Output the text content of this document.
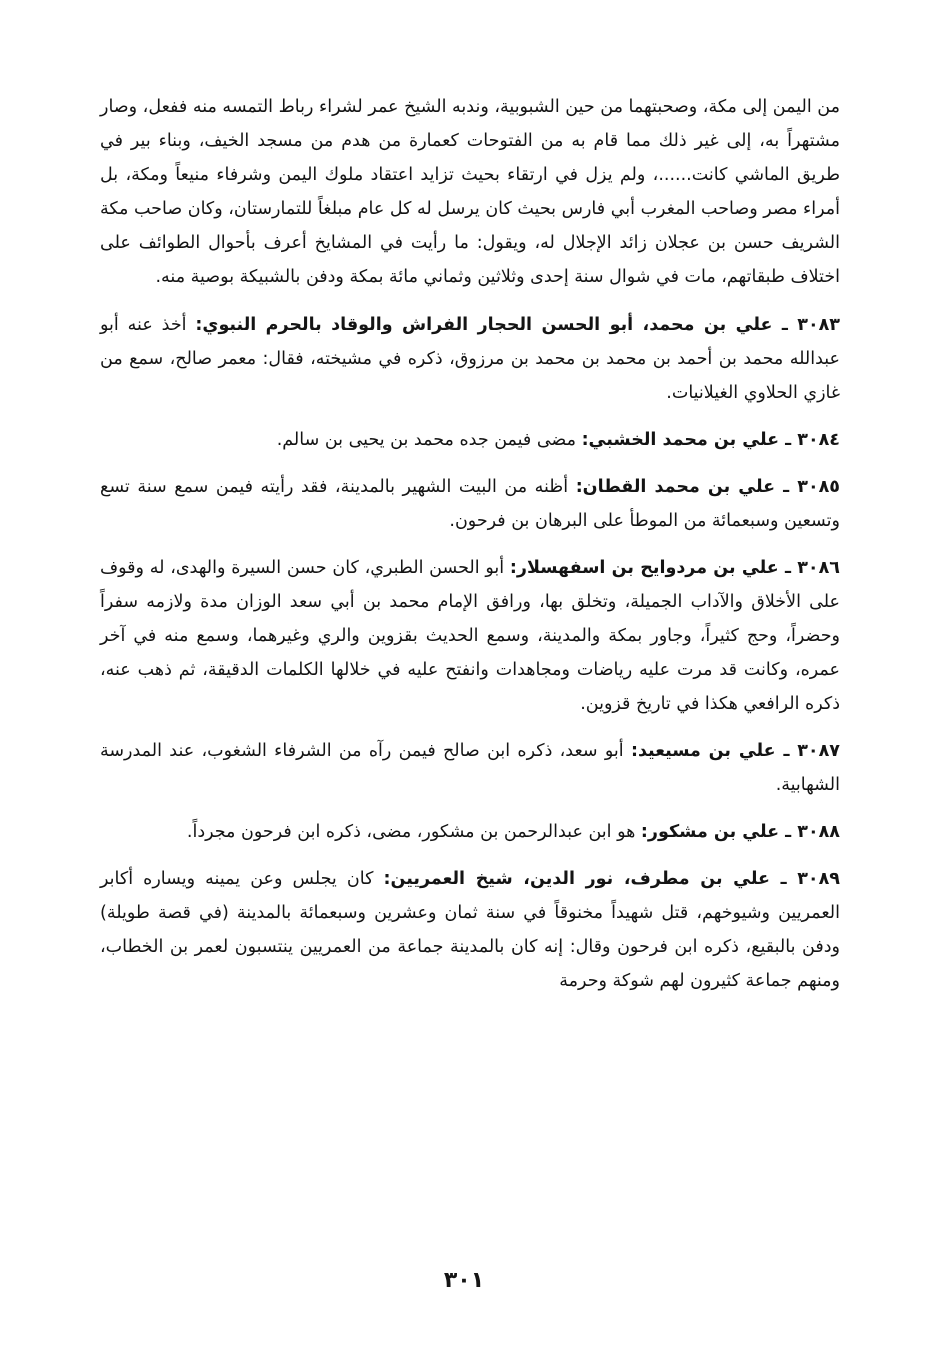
من اليمن إلى مكة، وصحبتهما من حين الشبوبية، وندبه الشيخ عمر لشراء رباط التمسه منه ففعل، وصار مشتهراً به، إلى غير ذلك مما قام به من الفتوحات كعمارة من هدم من مسجد الخيف، وبناء بير في طريق الماشي كانت......، ولم يزل في ارتقاء بحيث تزايد اعتقاد ملوك اليمن وشرفاء منيعاً ومكة، بل أمراء مصر وصاحب المغرب أبي فارس بحيث كان يرسل له كل عام مبلغاً للتمارستان، وكان صاحب مكة الشريف حسن بن عجلان زائد الإجلال له، ويقول: ما رأيت في المشايخ أعرف بأحوال الطوائف على اختلاف طبقاتهم، مات في شوال سنة إحدى وثلاثين وثماني مائة بمكة ودفن بالشبيكة بوصية منه.

٣٠٨٣ ـ علي بن محمد، أبو الحسن الحجار الفراش والوقاد بالحرم النبوي: أخذ عنه أبو عبدالله محمد بن أحمد بن محمد بن محمد بن مرزوق، ذكره في مشيخته، فقال: معمر صالح، سمع من غازي الحلاوي الغيلانيات.

٣٠٨٤ ـ علي بن محمد الخشبي: مضى فيمن جده محمد بن يحيى بن سالم.

٣٠٨٥ ـ علي بن محمد القطان: أظنه من البيت الشهير بالمدينة، فقد رأيته فيمن سمع سنة تسع وتسعين وسبعمائة من الموطأ على البرهان بن فرحون.

٣٠٨٦ ـ علي بن مردوايح بن اسفهسلار: أبو الحسن الطبري، كان حسن السيرة والهدى، له وقوف على الأخلاق والآداب الجميلة، وتخلق بها، ورافق الإمام محمد بن أبي سعد الوزان مدة ولازمه سفراً وحضراً، وحج كثيراً، وجاور بمكة والمدينة، وسمع الحديث بقزوين والري وغيرهما، وسمع منه في آخر عمره، وكانت قد مرت عليه رياضات ومجاهدات وانفتح عليه في خلالها الكلمات الدقيقة، ثم ذهب عنه، ذكره الرافعي هكذا في تاريخ قزوين.

٣٠٨٧ ـ علي بن مسيعيد: أبو سعد، ذكره ابن صالح فيمن رآه من الشرفاء الشغوب، عند المدرسة الشهابية.

٣٠٨٨ ـ علي بن مشكور: هو ابن عبدالرحمن بن مشكور، مضى، ذكره ابن فرحون مجرداً.

٣٠٨٩ ـ علي بن مطرف، نور الدين، شيخ العمريين: كان يجلس وعن يمينه ويساره أكابر العمريين وشيوخهم، قتل شهيداً مخنوقاً في سنة ثمان وعشرين وسبعمائة بالمدينة (في قصة طويلة) ودفن بالبقيع، ذكره ابن فرحون وقال: إنه كان بالمدينة جماعة من العمريين ينتسبون لعمر بن الخطاب، ومنهم جماعة كثيرون لهم شوكة وحرمة

٣٠١
